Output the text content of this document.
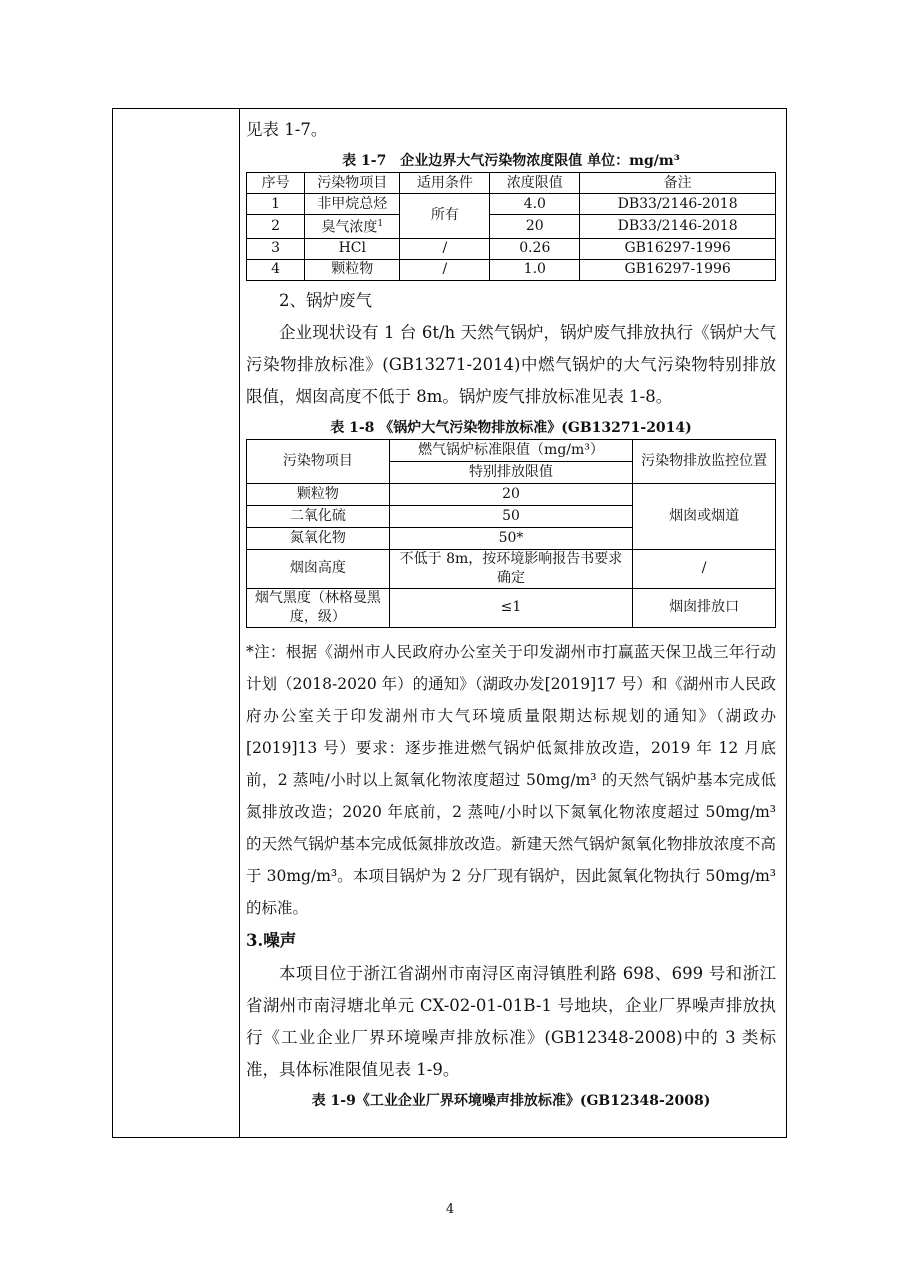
见表 1-7。

表 1-7　企业边界大气污染物浓度限值 单位：mg/m³
序号	污染物项目	适用条件	浓度限值	备注
1	非甲烷总烃	所有	4.0	DB33/2146-2018
2	臭气浓度$^1$		20	DB33/2146-2018
3	HCl	/	0.26	GB16297-1996
4	颗粒物	/	1.0	GB16297-1996

2、锅炉废气

企业现状设有 1 台 6t/h 天然气锅炉，锅炉废气排放执行《锅炉大气污染物排放标准》(GB13271-2014)中燃气锅炉的大气污染物特别排放限值，烟囱高度不低于 8m。锅炉废气排放标准见表 1-8。

表 1-8 《锅炉大气污染物排放标准》(GB13271-2014)
污染物项目	燃气锅炉标准限值（mg/m³）	污染物排放监控位置
	特别排放限值	
颗粒物	20	烟囱或烟道
二氧化硫	50	
氮氧化物	50*	
烟囱高度	不低于 8m，按环境影响报告书要求确定	/
烟气黑度（林格曼黑度，级）	≤1	烟囱排放口

*注：根据《湖州市人民政府办公室关于印发湖州市打赢蓝天保卫战三年行动计划（2018-2020 年）的通知》（湖政办发[2019]17 号）和《湖州市人民政府办公室关于印发湖州市大气环境质量限期达标规划的通知》（湖政办[2019]13 号）要求：逐步推进燃气锅炉低氮排放改造，2019 年 12 月底前，2 蒸吨/小时以上氮氧化物浓度超过 50mg/m³ 的天然气锅炉基本完成低氮排放改造；2020 年底前，2 蒸吨/小时以下氮氧化物浓度超过 50mg/m³ 的天然气锅炉基本完成低氮排放改造。新建天然气锅炉氮氧化物排放浓度不高于 30mg/m³。本项目锅炉为 2 分厂现有锅炉，因此氮氧化物执行 50mg/m³ 的标准。

3.噪声

本项目位于浙江省湖州市南浔区南浔镇胜利路 698、699 号和浙江省湖州市南浔塘北单元 CX-02-01-01B-1 号地块，企业厂界噪声排放执行《工业企业厂界环境噪声排放标准》(GB12348-2008)中的 3 类标准，具体标准限值见表 1-9。

表 1-9《工业企业厂界环境噪声排放标准》(GB12348-2008)
4
